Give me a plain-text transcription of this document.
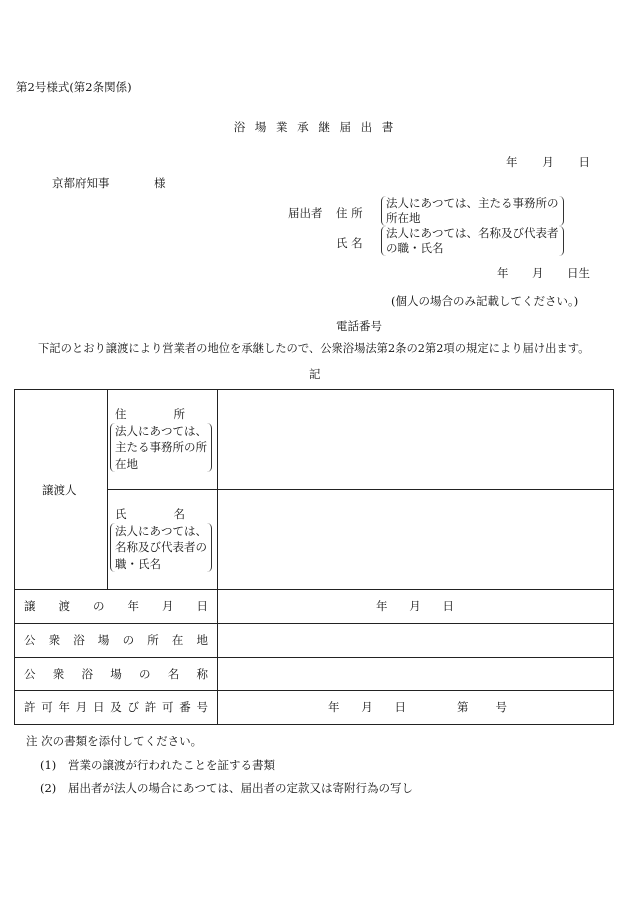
第2号様式(第2条関係)
浴 場 業 承 継 届 出 書
年 月 日
京都府知事	様
届出者 住 所
法人にあつては、主たる事務所の
所在地
氏 名
法人にあつては、名称及び代表者
の職・氏名
年 月 日生
(個人の場合のみ記載してください。)
電話番号
下記のとおり譲渡により営業者の地位を承継したので、公衆浴場法第2条の2第2項の規定により届け出ます。
記
譲渡人
住	所
法人にあつては、
主たる事務所の所
在地
氏	名
法人にあつては、
名称及び代表者の
職・氏名
譲 渡 の 年 月 日	年 月 日
公 衆 浴 場 の 所 在 地
公 衆 浴 場 の 名 称
許 可 年 月 日 及 び 許 可 番 号	年 月 日	第 号
注 次の書類を添付してください。
(1) 営業の譲渡が行われたことを証する書類
(2) 届出者が法人の場合にあつては、届出者の定款又は寄附行為の写し
